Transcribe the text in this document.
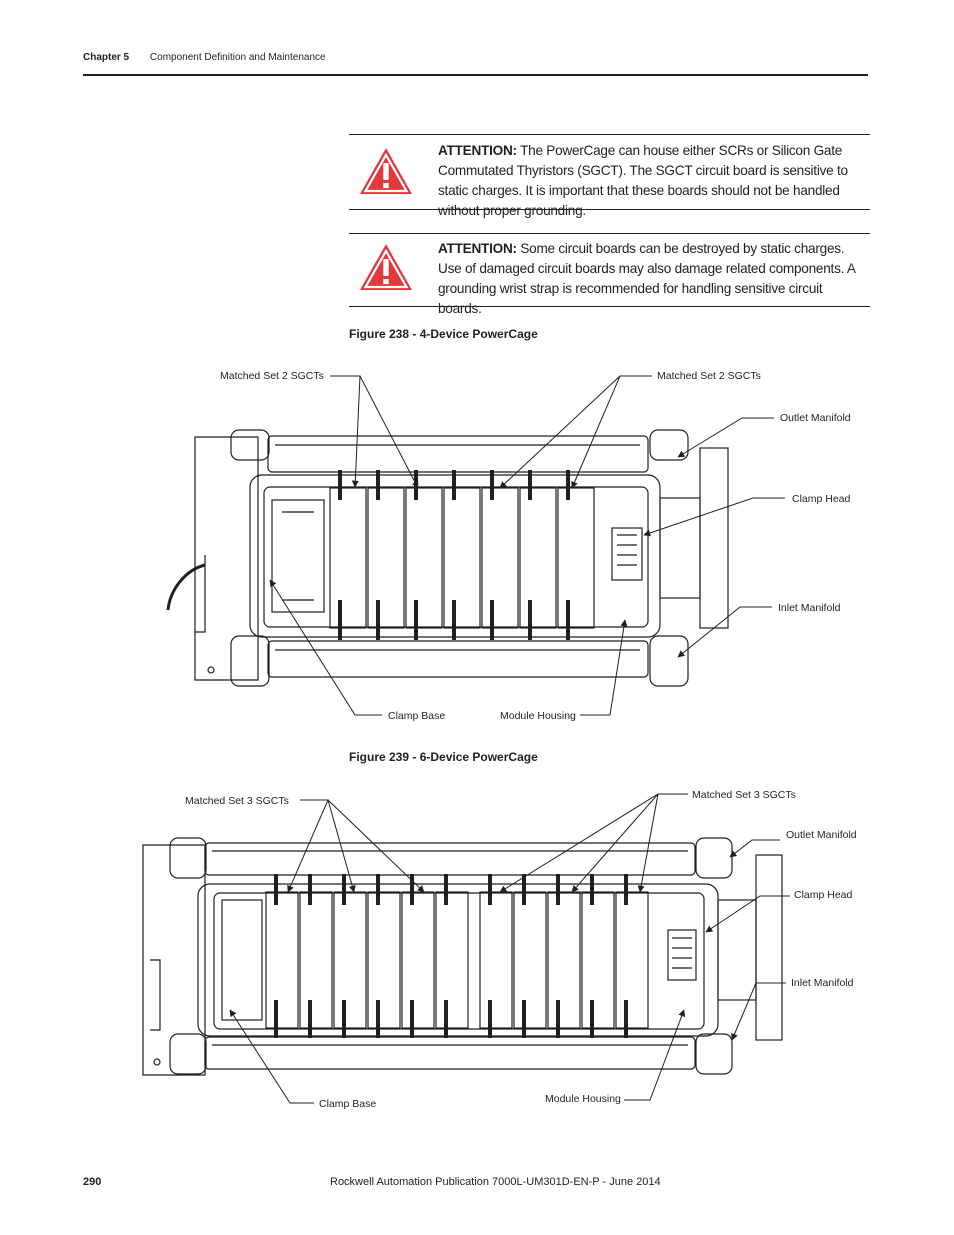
Chapter 5 Component Definition and Maintenance
ATTENTION: The PowerCage can house either SCRs or Silicon Gate Commutated Thyristors (SGCT). The SGCT circuit board is sensitive to static charges. It is important that these boards should not be handled without proper grounding.
ATTENTION: Some circuit boards can be destroyed by static charges. Use of damaged circuit boards may also damage related components. A grounding wrist strap is recommended for handling sensitive circuit boards.
Figure 238 - 4-Device PowerCage
Matched Set 2 SGCTs	Matched Set 2 SGCTs
Outlet Manifold
Clamp Head
Inlet Manifold
Clamp Base	Module Housing
Figure 239 - 6-Device PowerCage
Matched Set 3 SGCTs	Matched Set 3 SGCTs
Outlet Manifold
Clamp Head
Inlet Manifold
Clamp Base	Module Housing
290	Rockwell Automation Publication 7000L-UM301D-EN-P - June 2014
